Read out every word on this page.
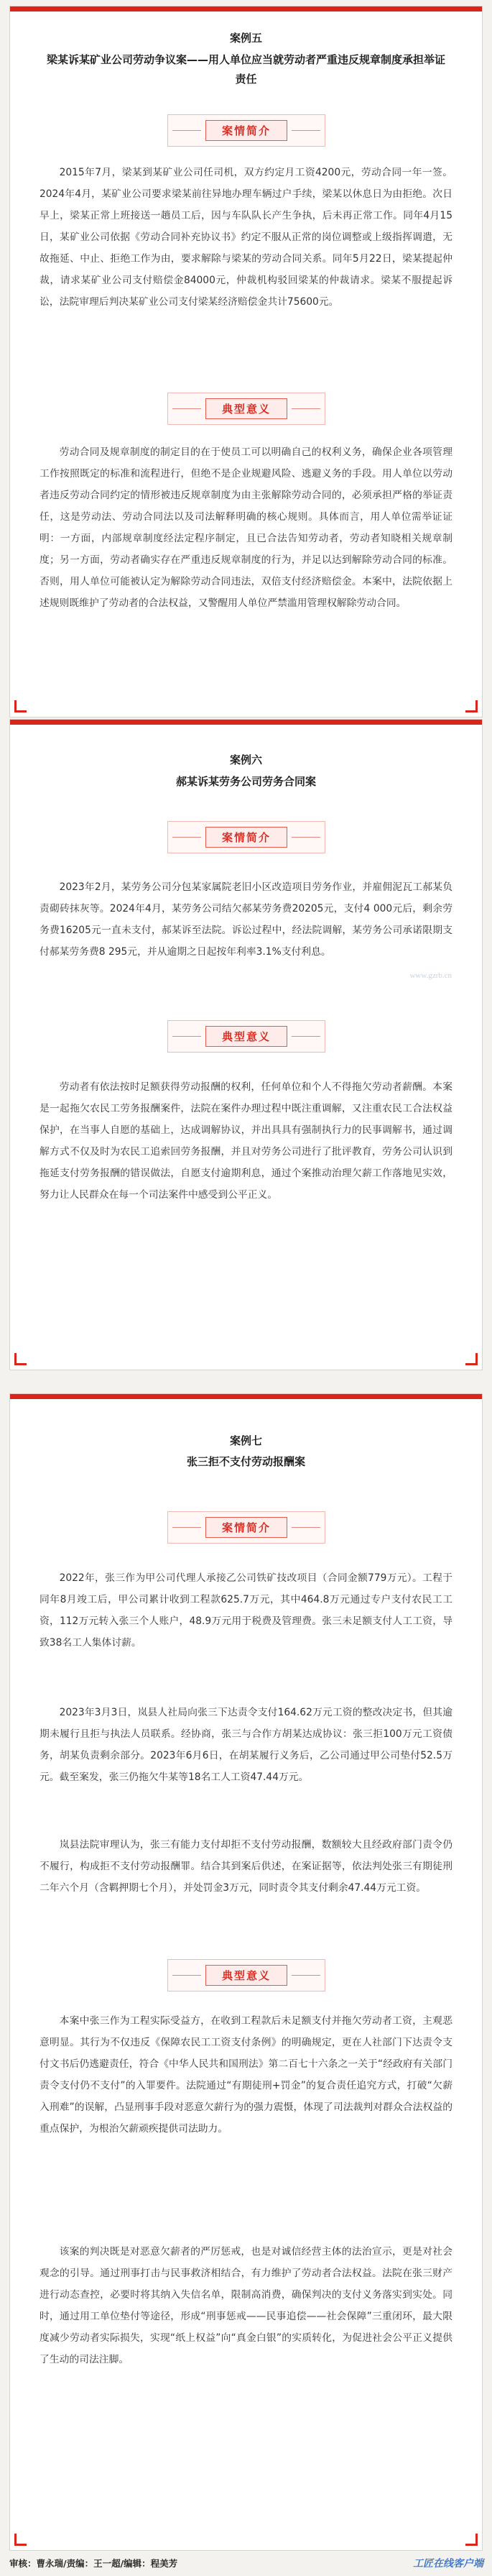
案例五
梁某诉某矿业公司劳动争议案——用人单位应当就劳动者严重违反规章制度承担举证责任
案情简介

2015年7月，梁某到某矿业公司任司机，双方约定月工资4200元，劳动合同一年一签。2024年4月，某矿业公司要求梁某前往异地办理车辆过户手续，梁某以休息日为由拒绝。次日早上，梁某正常上班接送一趟员工后，因与车队队长产生争执，后未再正常工作。同年4月15日，某矿业公司依据《劳动合同补充协议书》约定不服从正常的岗位调整或上级指挥调遣，无故拖延、中止、拒绝工作为由，要求解除与梁某的劳动合同关系。同年5月22日，梁某提起仲裁，请求某矿业公司支付赔偿金84000元，仲裁机构驳回梁某的仲裁请求。梁某不服提起诉讼，法院审理后判决某矿业公司支付梁某经济赔偿金共计75600元。

典型意义

劳动合同及规章制度的制定目的在于使员工可以明确自己的权利义务，确保企业各项管理工作按照既定的标准和流程进行，但绝不是企业规避风险、逃避义务的手段。用人单位以劳动者违反劳动合同约定的情形被违反规章制度为由主张解除劳动合同的，必须承担严格的举证责任，这是劳动法、劳动合同法以及司法解释明确的核心规则。具体而言，用人单位需举证证明：一方面，内部规章制度经法定程序制定，且已合法告知劳动者，劳动者知晓相关规章制度；另一方面，劳动者确实存在严重违反规章制度的行为，并足以达到解除劳动合同的标准。否则，用人单位可能被认定为解除劳动合同违法，双倍支付经济赔偿金。本案中，法院依据上述规则既维护了劳动者的合法权益，又警醒用人单位严禁滥用管理权解除劳动合同。

案例六
郝某诉某劳务公司劳务合同案
案情简介

2023年2月，某劳务公司分包某家属院老旧小区改造项目劳务作业，并雇佣泥瓦工郝某负责砌砖抹灰等。2024年4月，某劳务公司结欠郝某劳务费20205元，支付4 000元后，剩余劳务费16205元一直未支付，郝某诉至法院。诉讼过程中，经法院调解，某劳务公司承诺限期支付郝某劳务费8 295元，并从逾期之日起按年利率3.1%支付利息。

典型意义

劳动者有依法按时足额获得劳动报酬的权利，任何单位和个人不得拖欠劳动者薪酬。本案是一起拖欠农民工劳务报酬案件，法院在案件办理过程中既注重调解，又注重农民工合法权益保护，在当事人自愿的基础上，达成调解协议，并出具具有强制执行力的民事调解书，通过调解方式不仅及时为农民工追索回劳务报酬，并且对劳务公司进行了批评教育，劳务公司认识到拖延支付劳务报酬的错误做法，自愿支付逾期利息，通过个案推动治理欠薪工作落地见实效，努力让人民群众在每一个司法案件中感受到公平正义。

www.gzrb.cn
案例七
张三拒不支付劳动报酬案
案情简介

2022年，张三作为甲公司代理人承接乙公司铁矿技改项目（合同金额779万元）。工程于同年8月竣工后，甲公司累计收到工程款625.7万元，其中464.8万元通过专户支付农民工工资，112万元转入张三个人账户，48.9万元用于税费及管理费。张三未足额支付人工工资，导致38名工人集体讨薪。

2023年3月3日，岚县人社局向张三下达责令支付164.62万元工资的整改决定书，但其逾期未履行且拒与执法人员联系。经协商，张三与合作方胡某达成协议：张三拒100万元工资债务，胡某负责剩余部分。2023年6月6日，在胡某履行义务后，乙公司通过甲公司垫付52.5万元。截至案发，张三仍拖欠牛某等18名工人工资47.44万元。

岚县法院审理认为，张三有能力支付却拒不支付劳动报酬，数额较大且经政府部门责令仍不履行，构成拒不支付劳动报酬罪。结合其到案后供述，在案证据等，依法判处张三有期徒刑二年六个月（含羁押期七个月），并处罚金3万元，同时责令其支付剩余47.44万元工资。

典型意义

本案中张三作为工程实际受益方，在收到工程款后未足额支付并拖欠劳动者工资，主观恶意明显。其行为不仅违反《保障农民工工资支付条例》的明确规定，更在人社部门下达责令支付文书后仍逃避责任，符合《中华人民共和国刑法》第二百七十六条之一关于“经政府有关部门责令支付仍不支付”的入罪要件。法院通过“有期徒刑+罚金”的复合责任追究方式，打破“欠薪入刑难”的误解，凸显刑事手段对恶意欠薪行为的强力震慑，体现了司法裁判对群众合法权益的重点保护，为根治欠薪顽疾提供司法助力。

该案的判决既是对恶意欠薪者的严厉惩戒，也是对诚信经营主体的法治宣示，更是对社会观念的引导。通过刑事打击与民事救济相结合，有力维护了劳动者合法权益。法院在张三财产进行动态查控，必要时将其纳入失信名单，限制高消费，确保判决的支付义务落实到实处。同时，通过用工单位垫付等途径，形成“刑事惩戒——民事追偿——社会保障”三重闭环，最大限度减少劳动者实际损失，实现“纸上权益”向“真金白银”的实质转化，为促进社会公平正义提供了生动的司法注脚。

审核：曹永瑞/责编：王一超/编辑：程美芳	工匠在线客户端
